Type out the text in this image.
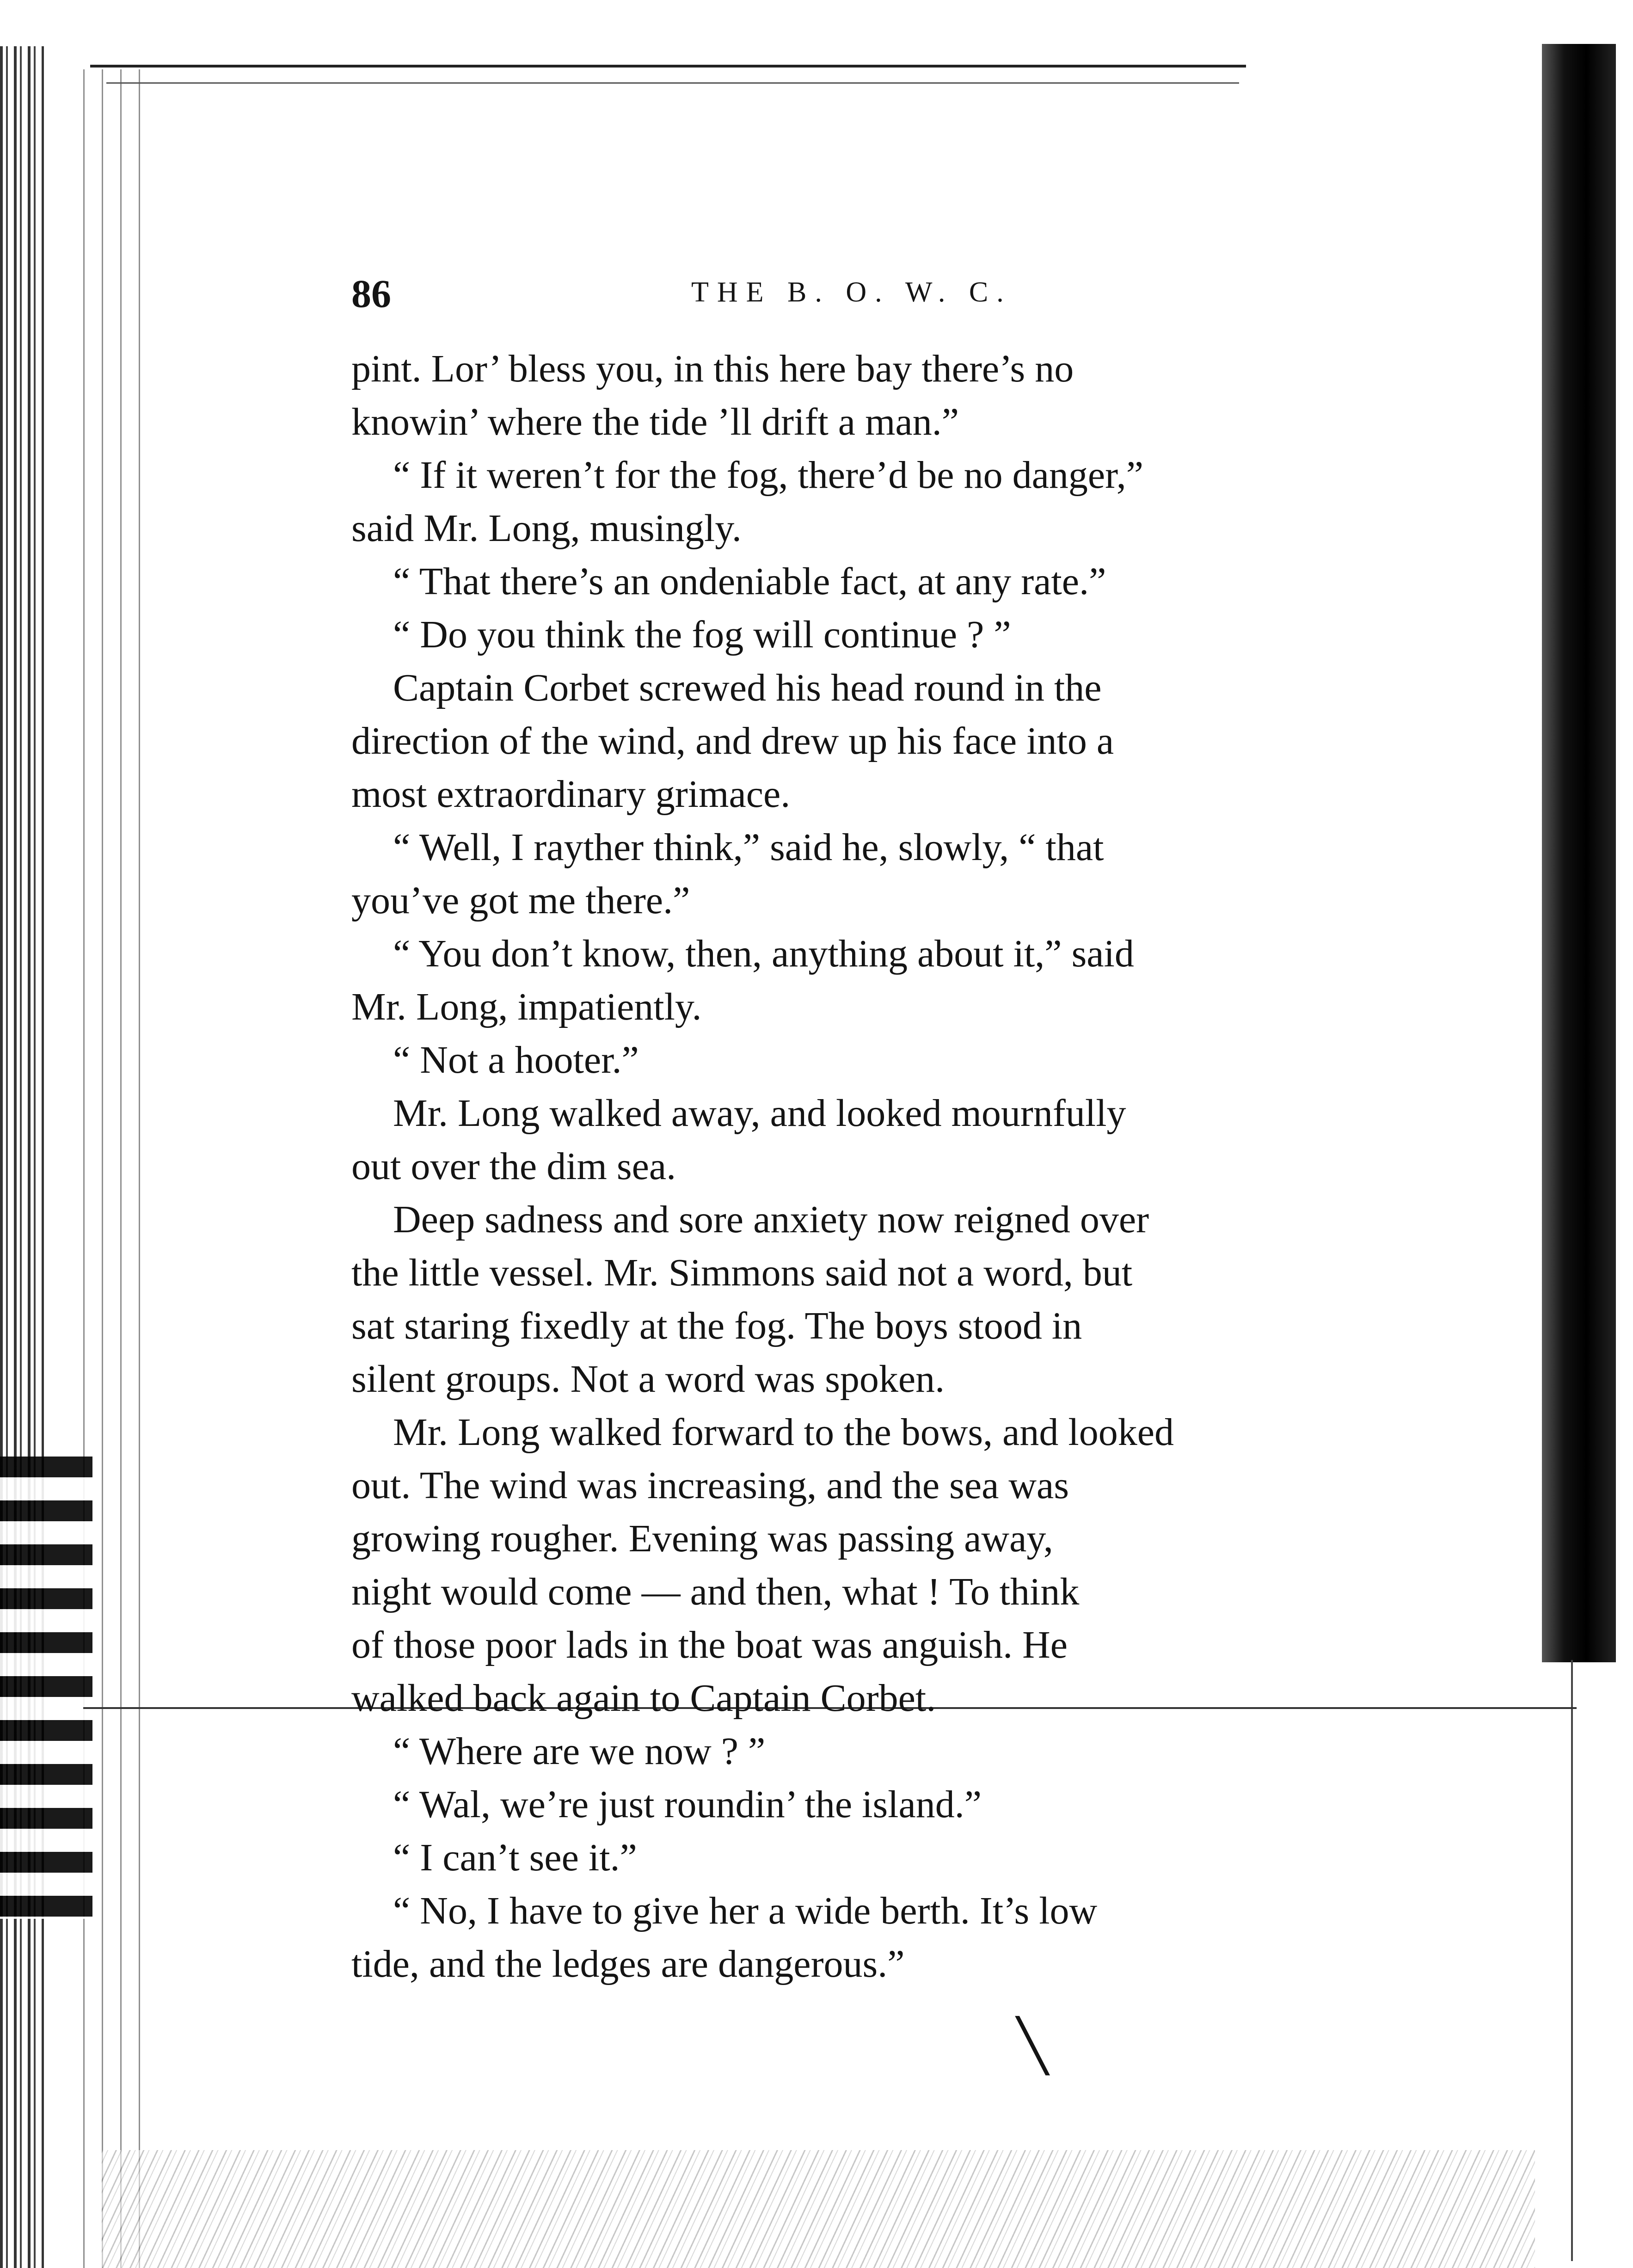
86	THE B. O. W. C.
pint. Lor’ bless you, in this here bay there’s no
knowin’ where the tide ’ll drift a man.”
“ If it weren’t for the fog, there’d be no danger,”
said Mr. Long, musingly.
“ That there’s an ondeniable fact, at any rate.”
“ Do you think the fog will continue ? ”
Captain Corbet screwed his head round in the
direction of the wind, and drew up his face into a
most extraordinary grimace.
“ Well, I rayther think,” said he, slowly, “ that
you’ve got me there.”
“ You don’t know, then, anything about it,” said
Mr. Long, impatiently.
“ Not a hooter.”
Mr. Long walked away, and looked mournfully
out over the dim sea.
Deep sadness and sore anxiety now reigned over
the little vessel. Mr. Simmons said not a word, but
sat staring fixedly at the fog. The boys stood in
silent groups. Not a word was spoken.
Mr. Long walked forward to the bows, and looked
out. The wind was increasing, and the sea was
growing rougher. Evening was passing away,
night would come — and then, what ! To think
of those poor lads in the boat was anguish. He
walked back again to Captain Corbet.
“ Where are we now ? ”
“ Wal, we’re just roundin’ the island.”
“ I can’t see it.”
“ No, I have to give her a wide berth. It’s low
tide, and the ledges are dangerous.”
╲
